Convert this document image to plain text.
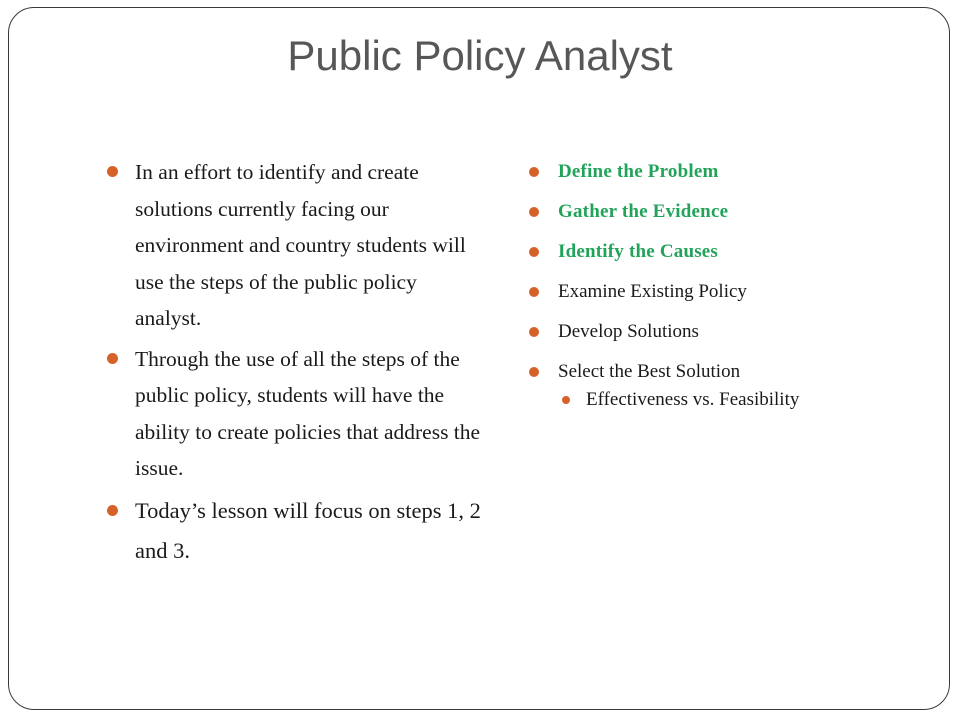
Public Policy Analyst
In an effort to identify and create solutions currently facing our environment and country students will use the steps of the public policy analyst.
Through the use of all the steps of the public policy, students will have the ability to create policies that address the issue.
Today’s lesson will focus on steps 1, 2 and 3.
Define the Problem
Gather the Evidence
Identify the Causes
Examine Existing Policy
Develop Solutions
Select the Best Solution
Effectiveness vs. Feasibility
